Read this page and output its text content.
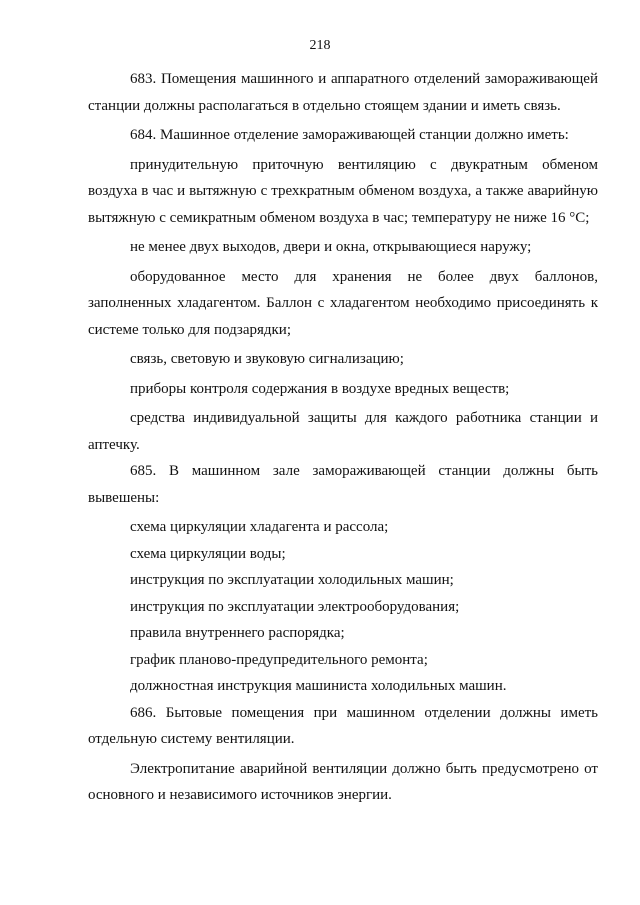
218

683. Помещения машинного и аппаратного отделений замораживающей станции должны располагаться в отдельно стоящем здании и иметь связь.

684. Машинное отделение замораживающей станции должно иметь:

принудительную приточную вентиляцию с двукратным обменом воздуха в час и вытяжную с трехкратным обменом воздуха, а также аварийную вытяжную с семикратным обменом воздуха в час; температуру не ниже 16 °C;

не менее двух выходов, двери и окна, открывающиеся наружу;

оборудованное место для хранения не более двух баллонов, заполненных хладагентом. Баллон с хладагентом необходимо присоединять к системе только для подзарядки;

связь, световую и звуковую сигнализацию;

приборы контроля содержания в воздухе вредных веществ;

средства индивидуальной защиты для каждого работника станции и аптечку.

685. В машинном зале замораживающей станции должны быть вывешены:

схема циркуляции хладагента и рассола;

схема циркуляции воды;

инструкция по эксплуатации холодильных машин;

инструкция по эксплуатации электрооборудования;

правила внутреннего распорядка;

график планово-предупредительного ремонта;

должностная инструкция машиниста холодильных машин.

686. Бытовые помещения при машинном отделении должны иметь отдельную систему вентиляции.

Электропитание аварийной вентиляции должно быть предусмотрено от основного и независимого источников энергии.
